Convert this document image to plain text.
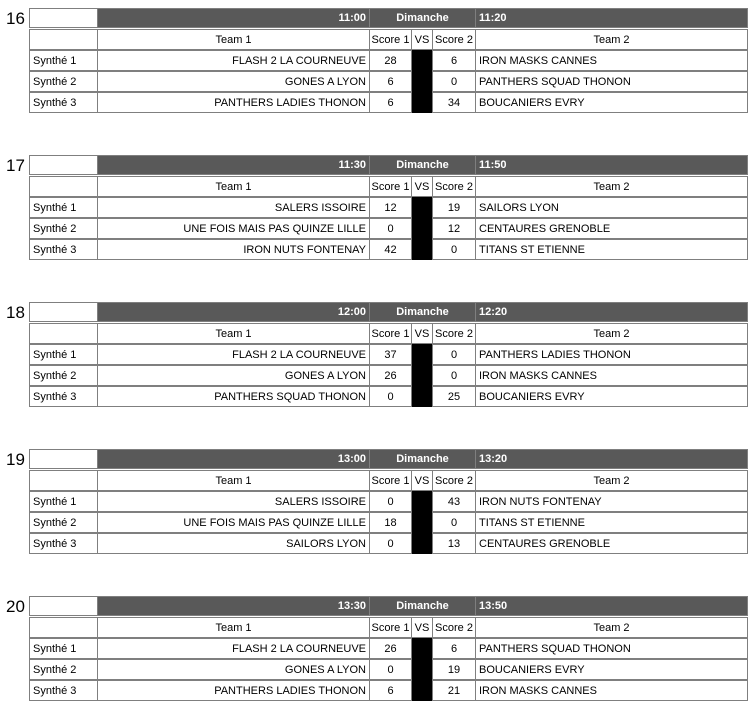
16	11:00	Dimanche	11:20
Team 1	Score 1 VS Score 2	Team 2
Synthé 1	FLASH 2 LA COURNEUVE	28	6	IRON MASKS CANNES
Synthé 2	GONES A LYON	6	0	PANTHERS SQUAD THONON
Synthé 3	PANTHERS LADIES THONON	6	34	BOUCANIERS EVRY
17	11:30	Dimanche	11:50
Team 1	Score 1 VS Score 2	Team 2
Synthé 1	SALERS ISSOIRE	12	19	SAILORS LYON
Synthé 2	UNE FOIS MAIS PAS QUINZE LILLE	0	12	CENTAURES GRENOBLE
Synthé 3	IRON NUTS FONTENAY	42	0	TITANS ST ETIENNE
18	12:00	Dimanche	12:20
Team 1	Score 1 VS Score 2	Team 2
Synthé 1	FLASH 2 LA COURNEUVE	37	0	PANTHERS LADIES THONON
Synthé 2	GONES A LYON	26	0	IRON MASKS CANNES
Synthé 3	PANTHERS SQUAD THONON	0	25	BOUCANIERS EVRY
19	13:00	Dimanche	13:20
Team 1	Score 1 VS Score 2	Team 2
Synthé 1	SALERS ISSOIRE	0	43	IRON NUTS FONTENAY
Synthé 2	UNE FOIS MAIS PAS QUINZE LILLE	18	0	TITANS ST ETIENNE
Synthé 3	SAILORS LYON	0	13	CENTAURES GRENOBLE
20	13:30	Dimanche	13:50
Team 1	Score 1 VS Score 2	Team 2
Synthé 1	FLASH 2 LA COURNEUVE	26	6	PANTHERS SQUAD THONON
Synthé 2	GONES A LYON	0	19	BOUCANIERS EVRY
Synthé 3	PANTHERS LADIES THONON	6	21	IRON MASKS CANNES
